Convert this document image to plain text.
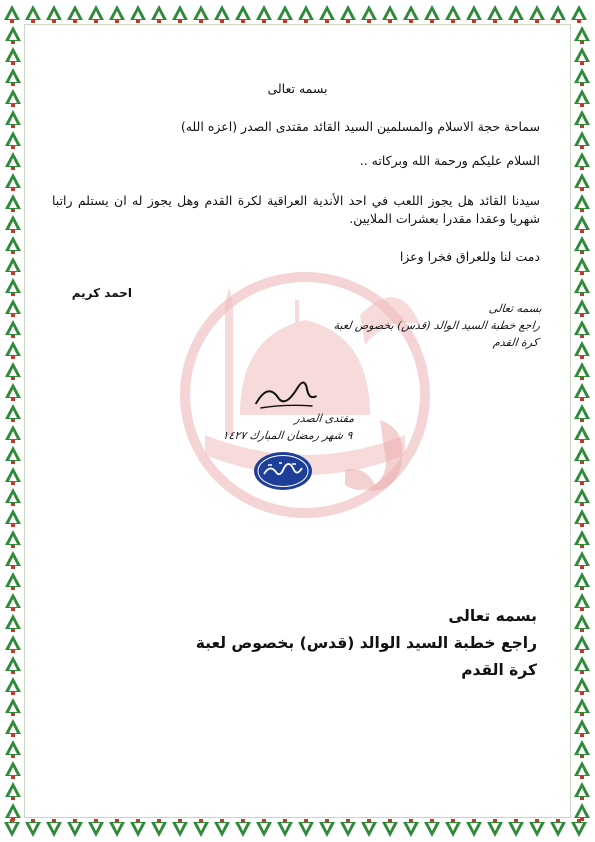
بسمه تعالى
سماحة حجة الاسلام والمسلمين السيد القائد مقتدى الصدر (اعزه الله)
السلام عليكم ورحمة الله وبركاته ..
سيدنا القائد هل يجوز اللعب في احد الأندية العراقية لكرة القدم وهل يجوز له ان يستلم راتبا شهريا وعقدا مقدرا بعشرات الملايين.
دمت لنا وللعراق فخرا وعزا
احمد كريم
بسمه تعالى
راجع خطبة السيد الوالد (قدس) بخصوص لعبة
كرة القدم
مقتدى الصدر
٩ شهر رمضان المبارك ١٤٢٧
بسمه تعالى
راجع خطبة السيد الوالد (قدس) بخصوص لعبة
كرة القدم
